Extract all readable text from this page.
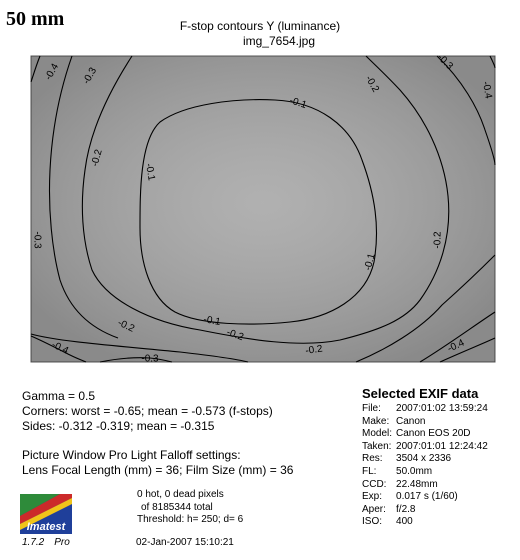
50 mm	F-stop contours Y (luminance)
img_7654.jpg
-0.1
-0.1
-0.1
-0.1
-0.2
-0.2
-0.2
-0.2
-0.2
-0.2
-0.3
-0.3
-0.3
-0.3
-0.4
-0.4
-0.4	-0.4
Gamma = 0.5
Corners: worst = -0.65; mean = -0.573 (f-stops)
Sides: -0.312 -0.319; mean = -0.315
Picture Window Pro Light Falloff settings:
Lens Focal Length (mm) = 36; Film Size (mm) = 36
Selected EXIF data
File:	2007:01:02 13:59:24
Make:	Canon
Model:	Canon EOS 20D
Taken:	2007:01:01 12:24:42
Res:	3504 x 2336
FL:	50.0mm
CCD:	22.48mm
Exp:	0.017 s (1/60)
Aper:	f/2.8
ISO:	400
0 hot, 0 dead pixels
of 8185344 total
Threshold: h= 250; d= 6
Imatest
1.7.2 Pro	02-Jan-2007 15:10:21
